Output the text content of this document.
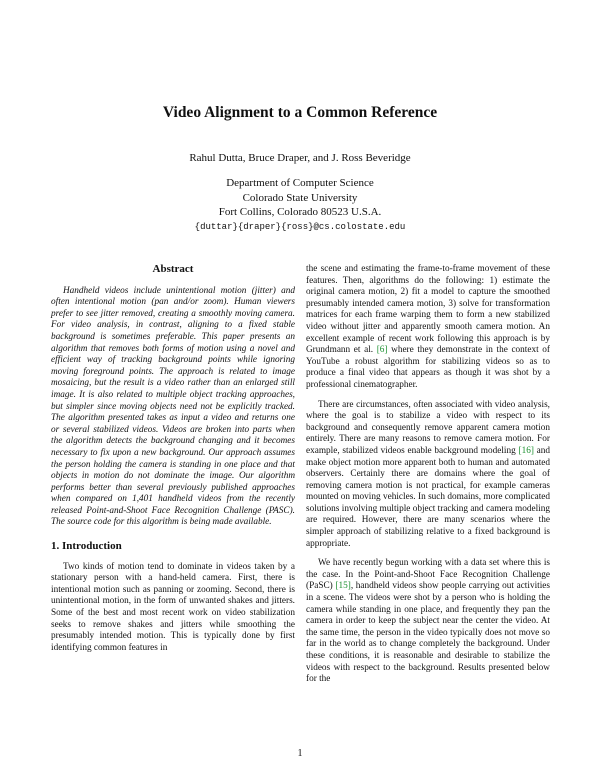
Video Alignment to a Common Reference
Rahul Dutta, Bruce Draper, and J. Ross Beveridge
Department of Computer Science
Colorado State University
Fort Collins, Colorado 80523 U.S.A.
{duttar}{draper}{ross}@cs.colostate.edu
Abstract

Handheld videos include unintentional motion (jitter) and often intentional motion (pan and/or zoom). Human viewers prefer to see jitter removed, creating a smoothly moving camera. For video analysis, in contrast, aligning to a fixed stable background is sometimes preferable. This paper presents an algorithm that removes both forms of motion using a novel and efficient way of tracking background points while ignoring moving foreground points. The approach is related to image mosaicing, but the result is a video rather than an enlarged still image. It is also related to multiple object tracking approaches, but simpler since moving objects need not be explicitly tracked. The algorithm presented takes as input a video and returns one or several stabilized videos. Videos are broken into parts when the algorithm detects the background changing and it becomes necessary to fix upon a new background. Our approach assumes the person holding the camera is standing in one place and that objects in motion do not dominate the image. Our algorithm performs better than several previously published approaches when compared on 1,401 handheld videos from the recently released Point-and-Shoot Face Recognition Challenge (PASC). The source code for this algorithm is being made available.

1. Introduction

Two kinds of motion tend to dominate in videos taken by a stationary person with a hand-held camera. First, there is intentional motion such as panning or zooming. Second, there is unintentional motion, in the form of unwanted shakes and jitters. Some of the best and most recent work on video stabilization seeks to remove shakes and jitters while smoothing the presumably intended motion. This is typically done by first identifying common features in

the scene and estimating the frame-to-frame movement of these features. Then, algorithms do the following: 1) estimate the original camera motion, 2) fit a model to capture the smoothed presumably intended camera motion, 3) solve for transformation matrices for each frame warping them to form a new stabilized video without jitter and apparently smooth camera motion. An excellent example of recent work following this approach is by Grundmann et al. [6] where they demonstrate in the context of YouTube a robust algorithm for stabilizing videos so as to produce a final video that appears as though it was shot by a professional cinematographer.

There are circumstances, often associated with video analysis, where the goal is to stabilize a video with respect to its background and consequently remove apparent camera motion entirely. There are many reasons to remove camera motion. For example, stabilized videos enable background modeling [16] and make object motion more apparent both to human and automated observers. Certainly there are domains where the goal of removing camera motion is not practical, for example cameras mounted on moving vehicles. In such domains, more complicated solutions involving multiple object tracking and camera modeling are required. However, there are many scenarios where the simpler approach of stabilizing relative to a fixed background is appropriate.

We have recently begun working with a data set where this is the case. In the Point-and-Shoot Face Recognition Challenge (PaSC) [15], handheld videos show people carrying out activities in a scene. The videos were shot by a person who is holding the camera while standing in one place, and frequently they pan the camera in order to keep the subject near the center the video. At the same time, the person in the video typically does not move so far in the world as to change completely the background. Under these conditions, it is reasonable and desirable to stabilize the videos with respect to the background. Results presented below for the

1
